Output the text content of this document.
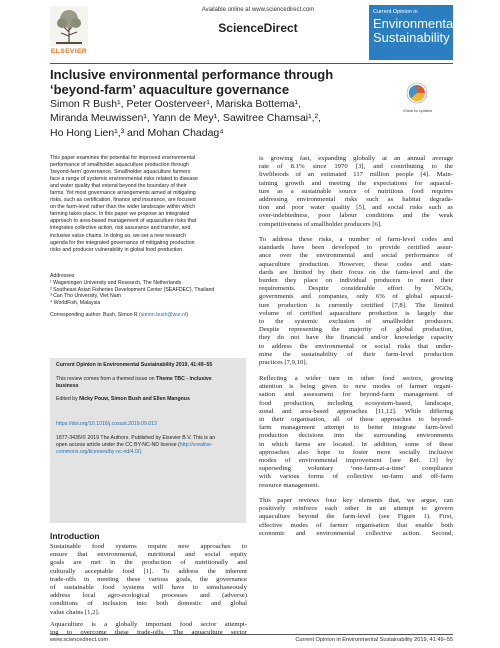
Available online at www.sciencedirect.com
ScienceDirect
ELSEVIER
Current Opinion in
Environmental
Sustainability
Inclusive environmental performance through
‘beyond-farm’ aquaculture governance
Check for updates
Simon R Bush¹, Peter Oosterveer¹, Mariska Bottema¹,
Miranda Meuwissen¹, Yann de Mey¹, Sawitree Chamsai¹,²,
Ho Hong Lien¹,³ and Mohan Chadag⁴
This paper examines the potential for improved environmental
performance of smallholder aquaculture production through
‘beyond-farm’ governance. Smallholder aquaculture farmers
face a range of systemic environmental risks related to disease
and water quality that extend beyond the boundary of their
farms. Yet most governance arrangements aimed at mitigating
risks, such as certification, finance and insurance, are focused
on the farm-level rather than the wider landscape within which
farming takes place. In this paper we propose an integrated
approach to area-based management of aquaculture risks that
integrates collective action, risk assurance and transfer, and
inclusive value chains. In doing so, we set a new research
agenda for the integrated governance of mitigating production
risks and producer vulnerability in global food production.
Addresses
¹ Wageningen University and Research, The Netherlands
² Southeast Asian Fisheries Development Center (SEAFDEC), Thailand
³ Can Tho University, Viet Nam
⁴ WorldFish, Malaysia
Corresponding author: Bush, Simon R (simon.bush@wur.nl)
Current Opinion in Environmental Sustainability 2019, 41:49–55
This review comes from a themed issue on Theme TBC - inclusive
business
Edited by Nicky Pouw, Simon Bush and Ellen Mangnus
https://doi.org/10.1016/j.cosust.2019.09.013
1877-3435/© 2019 The Authors. Published by Elsevier B.V. This is an
open access article under the CC BY-NC-ND license (http://creative-
commons.org/licenses/by-nc-nd/4.0/).
Introduction
Sustainable food systems require new approaches to
ensure that environmental, nutritional and social equity
goals are met in the production of nutritionally and
culturally acceptable food [1]. To address the inherent
trade-offs in meeting these various goals, the governance
of sustainable food systems will have to simultaneously
address local agro-ecological processes and (adverse)
conditions of inclusion into both domestic and global
value chains [1,2].
Aquaculture is a globally important food sector attempt-
ing to overcome these trade-offs. The aquaculture sector
is growing fast, expanding globally at an annual average
rate of 8.1% since 1970 [3], and contributing to the
livelihoods of an estimated 117 million people [4]. Main-
taining growth and meeting the expectations for aquacul-
ture as a sustainable source of nutritious food requires
addressing environmental risks such as habitat degrada-
tion and poor water quality [5], and social risks such as
over-indebtedness, poor labour conditions and the weak
competitiveness of smallholder producers [6].
To address these risks, a number of farm-level codes and
standards have been developed to provide certified assur-
ance over the environmental and social performance of
aquaculture production. However, these codes and stan-
dards are limited by their focus on the farm-level and the
burden they place on individual producers to meet their
requirements. Despite considerable effort by NGOs,
governments and companies, only 6% of global aquacul-
ture production is currently certified [7,8]. The limited
volume of certified aquaculture production is largely due
to the systemic exclusion of smallholder producers.
Despite representing the majority of global production,
they do not have the financial and/or knowledge capacity
to address the environmental or social risks that under-
mine the sustainability of their farm-level production
practices [7,9,10].
Reflecting a wider turn in other food sectors, growing
attention is being given to new modes of farmer organi-
sation and assessment for beyond-farm management of
food production, including ecosystem-based, landscape,
zonal and area-based approaches [11,12]. While differing
in their organisation, all of these approaches to beyond-
farm management attempt to better integrate farm-level
production decisions into the surrounding environments
in which farms are located. In addition, some of these
approaches also hope to foster more socially inclusive
modes of environmental improvement [see Ref. 13] by
superseding voluntary ‘one-farm-at-a-time’ compliance
with various forms of collective on-farm and off-farm
resource management.
This paper reviews four key elements that, we argue, can
positively reinforce each other in an attempt to govern
aquaculture beyond the farm-level (see Figure 1). First,
effective modes of farmer organisation that enable both
economic and environmental collective action. Second,
www.sciencedirect.com	Current Opinion in Environmental Sustainability 2019, 41:49–55
